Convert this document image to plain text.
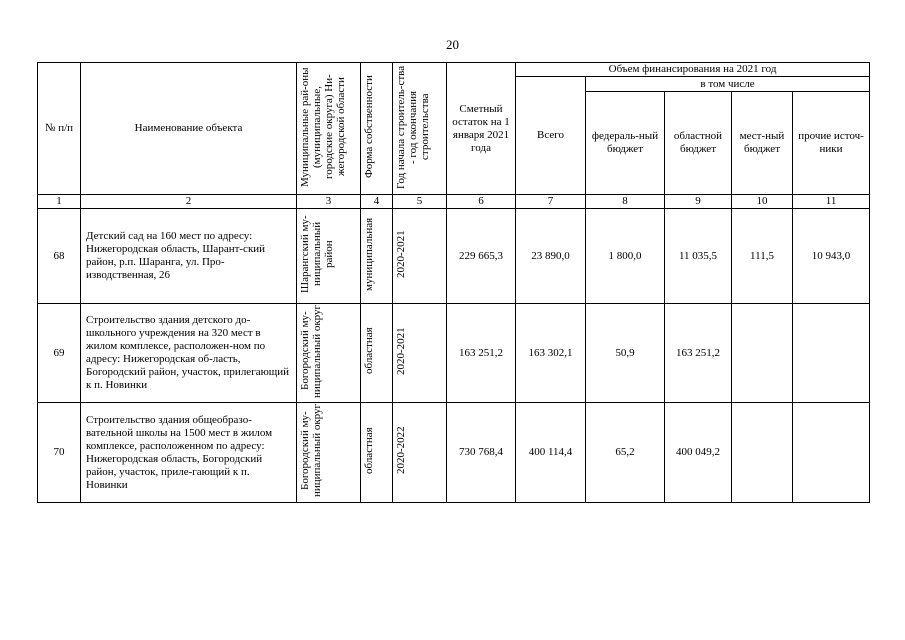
20
№ п/п	Наименование объекта	Муниципальные рай-оны (муниципальные, городские округа) Ни-жегородской области	Форма собственности	Год начала строитель-ства - год окончания строительства	Сметный остаток на 1 января 2021 года	Объем финансирования на 2021 год				
						Всего	в том числе			
							федераль-ный бюджет	областной бюджет	мест-ный бюджет	прочие источ-ники
1	2	3	4	5	6	7	8	9	10	11
68	Детский сад на 160 мест по адресу: Нижегородская область, Шарант-ский район, р.п. Шаранга, ул. Про-изводственная, 26	Шарангский му-ниципальный район	муниципальная	2020-2021	229 665,3	23 890,0	1 800,0	11 035,5	111,5	10 943,0
69	Строительство здания детского до-школьного учреждения на 320 мест в жилом комплексе, расположен-ном по адресу: Нижегородская об-ласть, Богородский район, участок, прилегающий к п. Новинки	Богородский му-ниципальный округ	областная	2020-2021	163 251,2	163 302,1	50,9	163 251,2		
70	Строительство здания общеобразо-вательной школы на 1500 мест в жилом комплексе, расположенном по адресу: Нижегородская область, Богородский район, участок, приле-гающий к п. Новинки	Богородский му-ниципальный округ	областная	2020-2022	730 768,4	400 114,4	65,2	400 049,2		
